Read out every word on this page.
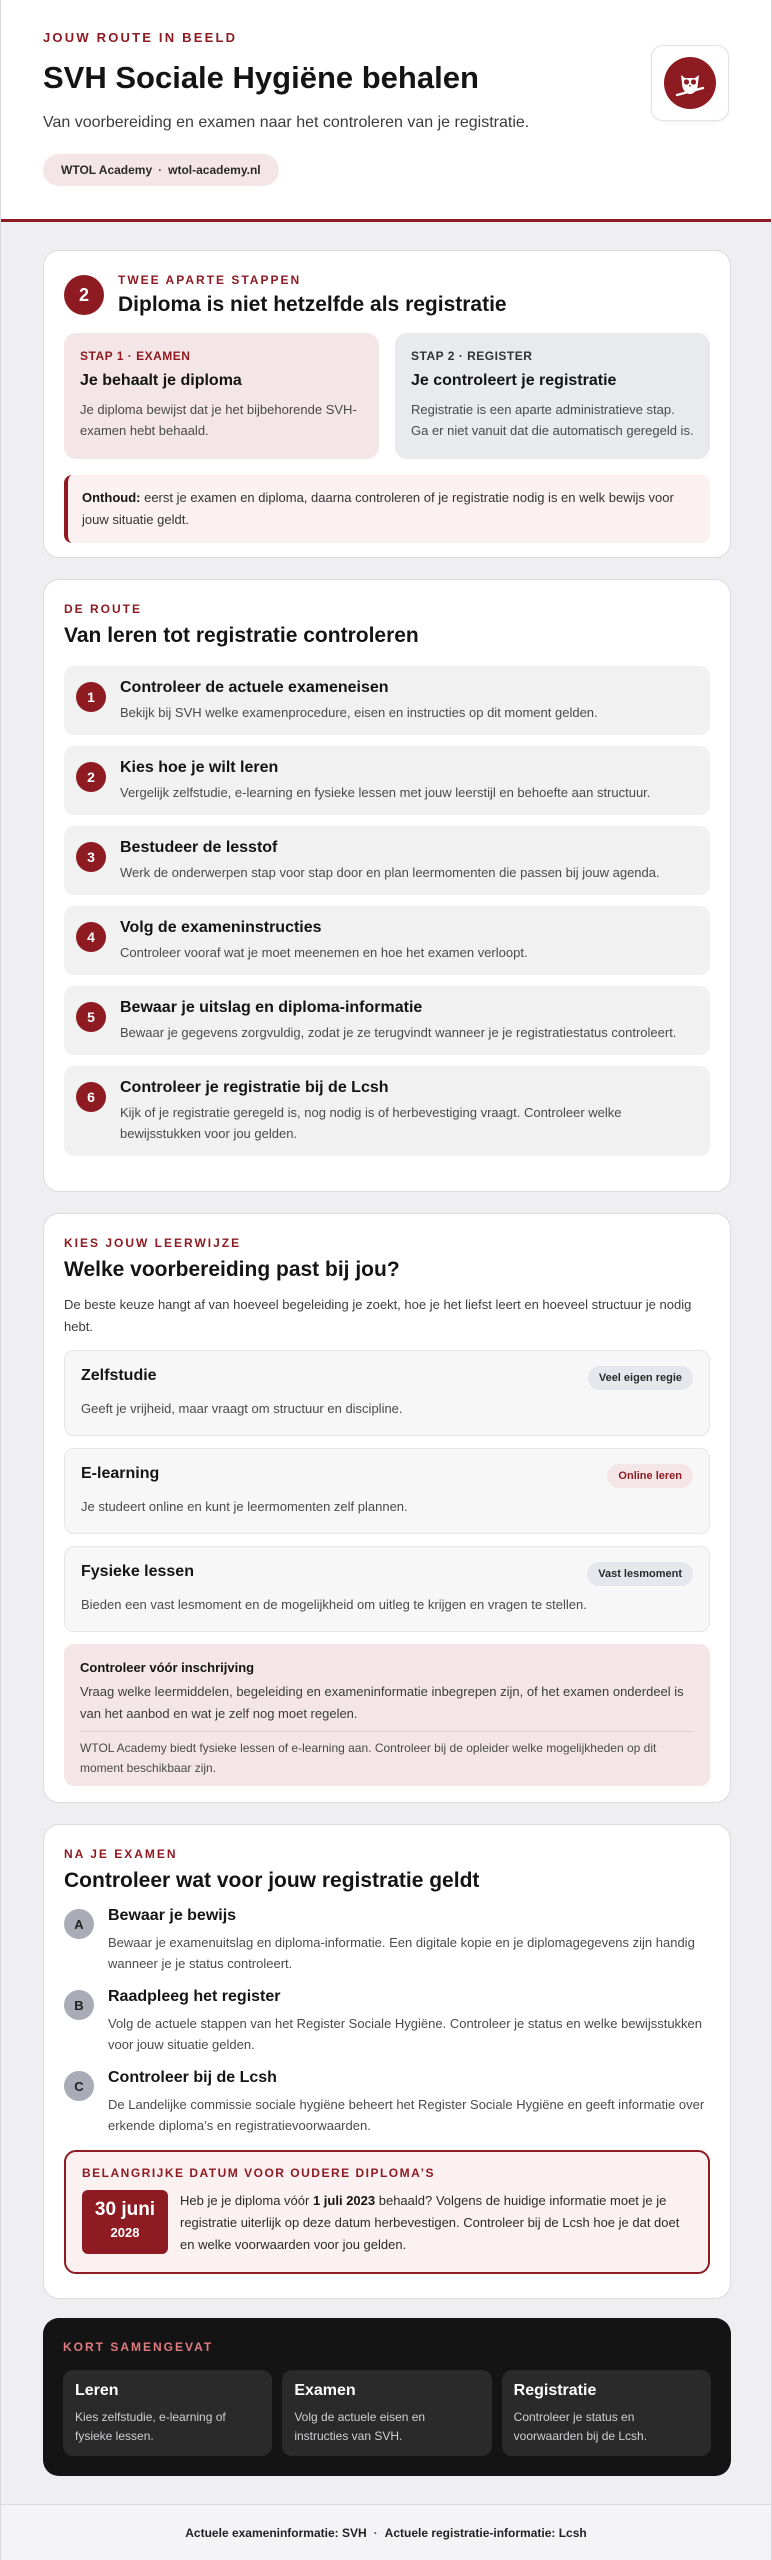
JOUW ROUTE IN BEELD
SVH Sociale Hygiëne behalen

Van voorbereiding en examen naar het controleren van je registratie.

WTOL Academy · wtol-academy.nl
2
TWEE APARTE STAPPEN
Diploma is niet hetzelfde als registratie
STAP 1 · EXAMEN
Je behaalt je diploma

Je diploma bewijst dat je het bijbehorende SVH-examen hebt behaald.

STAP 2 · REGISTER
Je controleert je registratie

Registratie is een aparte administratieve stap. Ga er niet vanuit dat die automatisch geregeld is.

Onthoud: eerst je examen en diploma, daarna controleren of je registratie nodig is en welk bewijs voor jouw situatie geldt.
DE ROUTE
Van leren tot registratie controleren
1
Controleer de actuele exameneisen

Bekijk bij SVH welke examenprocedure, eisen en instructies op dit moment gelden.

2
Kies hoe je wilt leren

Vergelijk zelfstudie, e-learning en fysieke lessen met jouw leerstijl en behoefte aan structuur.

3
Bestudeer de lesstof

Werk de onderwerpen stap voor stap door en plan leermomenten die passen bij jouw agenda.

4
Volg de exameninstructies

Controleer vooraf wat je moet meenemen en hoe het examen verloopt.

5
Bewaar je uitslag en diploma-informatie

Bewaar je gegevens zorgvuldig, zodat je ze terugvindt wanneer je je registratiestatus controleert.

6
Controleer je registratie bij de Lcsh

Kijk of je registratie geregeld is, nog nodig is of herbevestiging vraagt. Controleer welke bewijsstukken voor jou gelden.

KIES JOUW LEERWIJZE
Welke voorbereiding past bij jou?

De beste keuze hangt af van hoeveel begeleiding je zoekt, hoe je het liefst leert en hoeveel structuur je nodig hebt.

Zelfstudie	Veel eigen regie

Geeft je vrijheid, maar vraagt om structuur en discipline.

E-learning	Online leren

Je studeert online en kunt je leermomenten zelf plannen.

Fysieke lessen	Vast lesmoment

Bieden een vast lesmoment en de mogelijkheid om uitleg te krijgen en vragen te stellen.

Controleer vóór inschrijving

Vraag welke leermiddelen, begeleiding en exameninformatie inbegrepen zijn, of het examen onderdeel is van het aanbod en wat je zelf nog moet regelen.

WTOL Academy biedt fysieke lessen of e-learning aan. Controleer bij de opleider welke mogelijkheden op dit moment beschikbaar zijn.

NA JE EXAMEN
Controleer wat voor jouw registratie geldt
A	Bewaar je bewijs

Bewaar je examenuitslag en diploma-informatie. Een digitale kopie en je diplomagegevens zijn handig wanneer je je status controleert.

B	Raadpleeg het register

Volg de actuele stappen van het Register Sociale Hygiëne. Controleer je status en welke bewijsstukken voor jouw situatie gelden.

C	Controleer bij de Lcsh

De Landelijke commissie sociale hygiëne beheert het Register Sociale Hygiëne en geeft informatie over erkende diploma’s en registratievoorwaarden.

BELANGRIJKE DATUM VOOR OUDERE DIPLOMA’S
30 juni
2028

Heb je je diploma vóór 1 juli 2023 behaald? Volgens de huidige informatie moet je je registratie uiterlijk op deze datum herbevestigen. Controleer bij de Lcsh hoe je dat doet en welke voorwaarden voor jou gelden.

KORT SAMENGEVAT
Leren

Kies zelfstudie, e-learning of fysieke lessen.

Examen

Volg de actuele eisen en instructies van SVH.

Registratie

Controleer je status en voorwaarden bij de Lcsh.

Actuele exameninformatie: SVH · Actuele registratie-informatie: Lcsh
